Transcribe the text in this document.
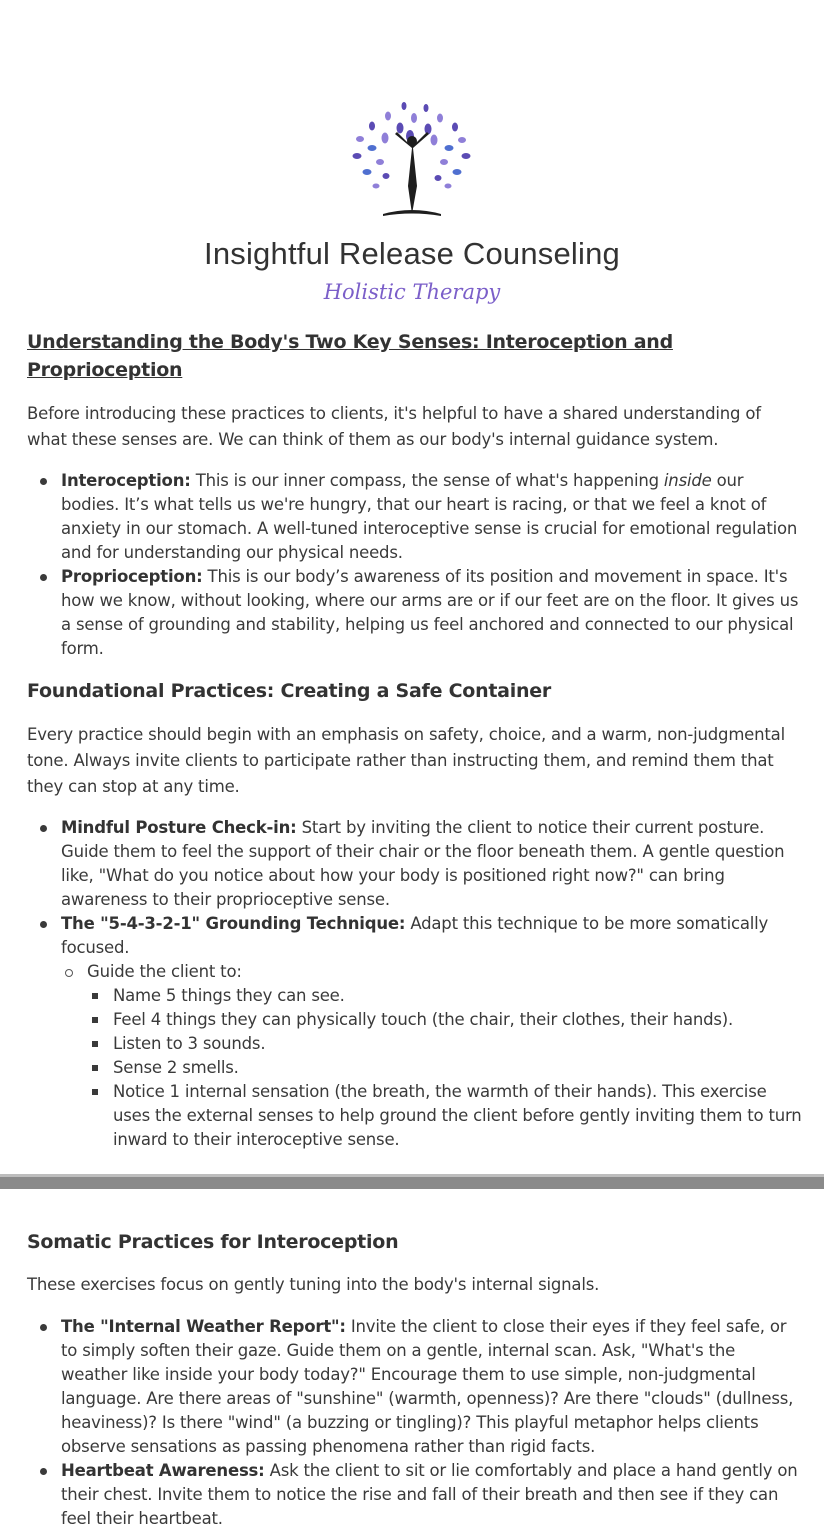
Insightful Release Counseling
Holistic Therapy
Understanding the Body's Two Key Senses: Interoception and Proprioception

Before introducing these practices to clients, it's helpful to have a shared understanding of what these senses are. We can think of them as our body's internal guidance system.

Interoception: This is our inner compass, the sense of what's happening inside our bodies. It’s what tells us we're hungry, that our heart is racing, or that we feel a knot of anxiety in our stomach. A well-tuned interoceptive sense is crucial for emotional regulation and for understanding our physical needs.
Proprioception: This is our body’s awareness of its position and movement in space. It's how we know, without looking, where our arms are or if our feet are on the floor. It gives us a sense of grounding and stability, helping us feel anchored and connected to our physical form.
Foundational Practices: Creating a Safe Container

Every practice should begin with an emphasis on safety, choice, and a warm, non-judgmental tone. Always invite clients to participate rather than instructing them, and remind them that they can stop at any time.

Mindful Posture Check-in: Start by inviting the client to notice their current posture. Guide them to feel the support of their chair or the floor beneath them. A gentle question like, "What do you notice about how your body is positioned right now?" can bring awareness to their proprioceptive sense.
The "5-4-3-2-1" Grounding Technique: Adapt this technique to be more somatically focused.
Guide the client to:
Name 5 things they can see.
Feel 4 things they can physically touch (the chair, their clothes, their hands).
Listen to 3 sounds.
Sense 2 smells.
Notice 1 internal sensation (the breath, the warmth of their hands). This exercise uses the external senses to help ground the client before gently inviting them to turn inward to their interoceptive sense.
Somatic Practices for Interoception

These exercises focus on gently tuning into the body's internal signals.

The "Internal Weather Report": Invite the client to close their eyes if they feel safe, or to simply soften their gaze. Guide them on a gentle, internal scan. Ask, "What's the weather like inside your body today?" Encourage them to use simple, non-judgmental language. Are there areas of "sunshine" (warmth, openness)? Are there "clouds" (dullness, heaviness)? Is there "wind" (a buzzing or tingling)? This playful metaphor helps clients observe sensations as passing phenomena rather than rigid facts.
Heartbeat Awareness: Ask the client to sit or lie comfortably and place a hand gently on their chest. Invite them to notice the rise and fall of their breath and then see if they can feel their heartbeat.
